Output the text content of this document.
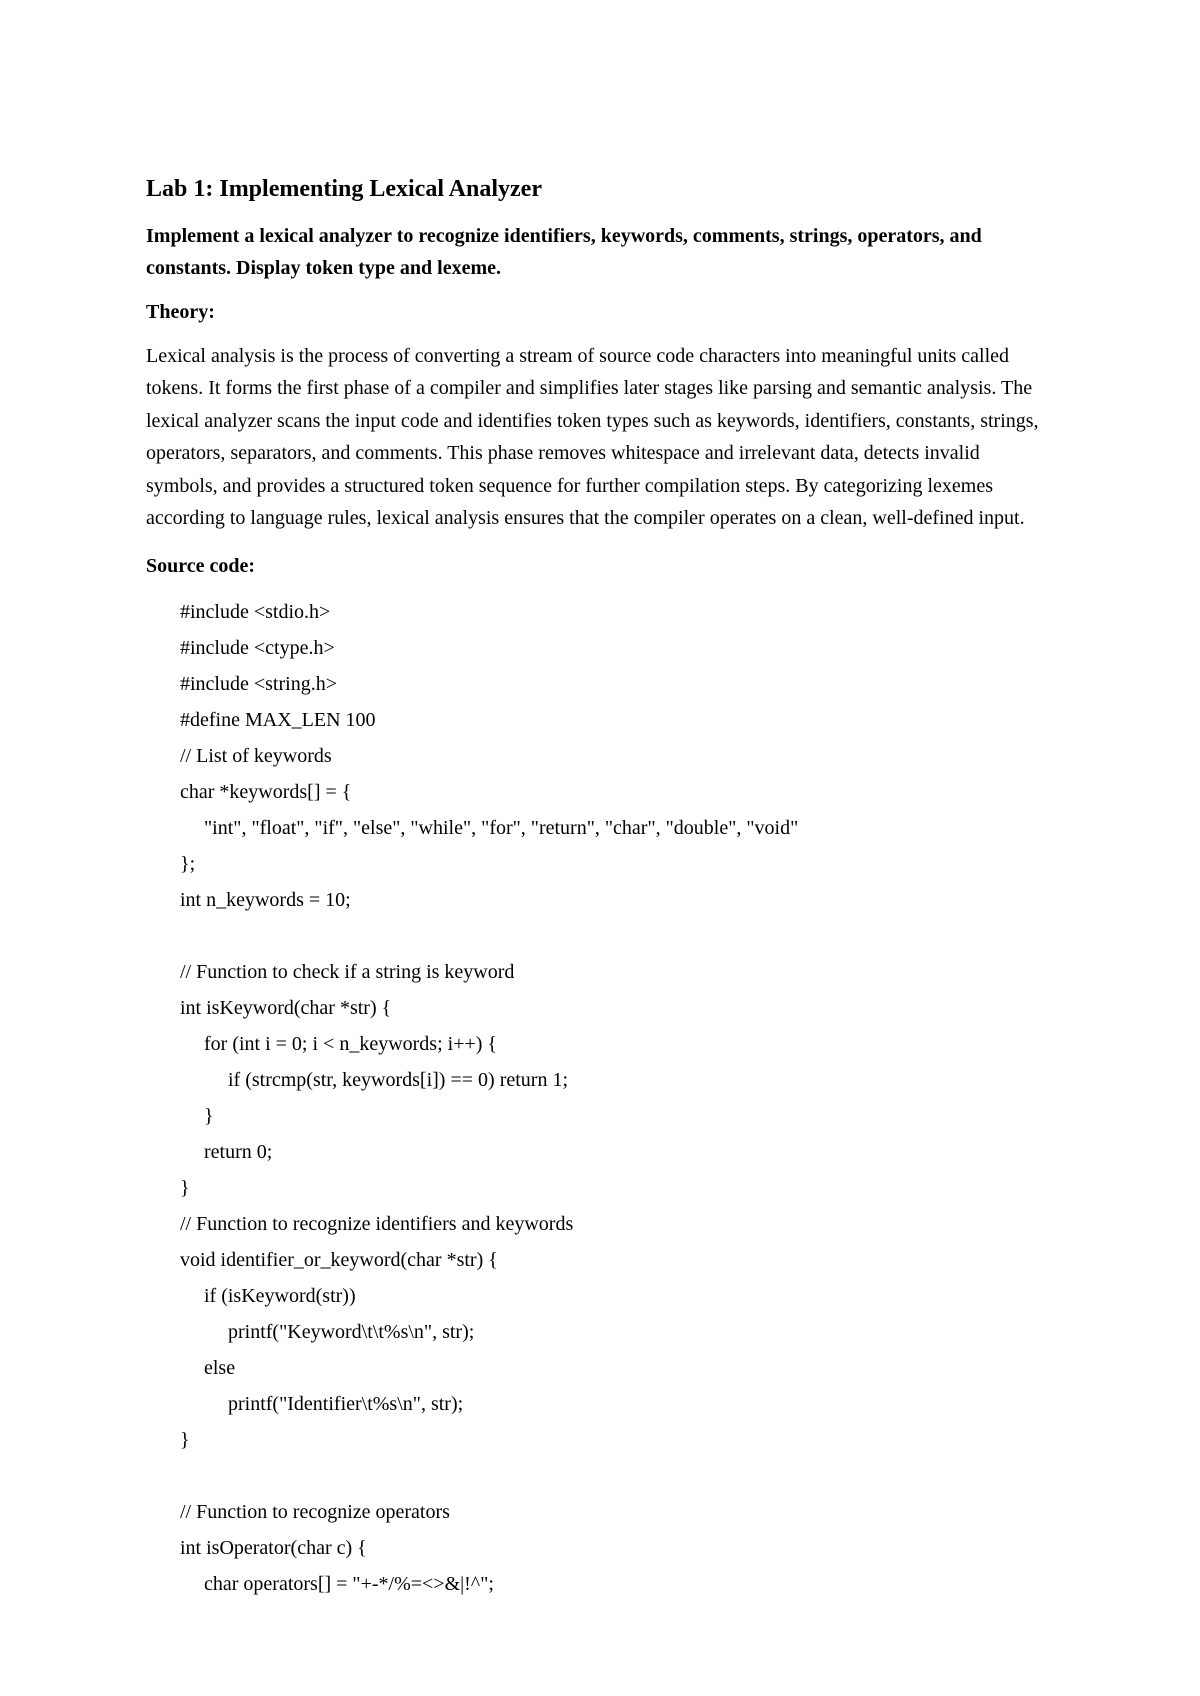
Lab 1: Implementing Lexical Analyzer

Implement a lexical analyzer to recognize identifiers, keywords, comments, strings, operators, and constants. Display token type and lexeme.

Theory:

Lexical analysis is the process of converting a stream of source code characters into meaningful units called tokens. It forms the first phase of a compiler and simplifies later stages like parsing and semantic analysis. The lexical analyzer scans the input code and identifies token types such as keywords, identifiers, constants, strings, operators, separators, and comments. This phase removes whitespace and irrelevant data, detects invalid symbols, and provides a structured token sequence for further compilation steps. By categorizing lexemes according to language rules, lexical analysis ensures that the compiler operates on a clean, well-defined input.

Source code:
#include <stdio.h>
#include <ctype.h>
#include <string.h>
#define MAX_LEN 100
// List of keywords
char *keywords[] = {
"int", "float", "if", "else", "while", "for", "return", "char", "double", "void"
};
int n_keywords = 10;
// Function to check if a string is keyword
int isKeyword(char *str) {
for (int i = 0; i < n_keywords; i++) {
if (strcmp(str, keywords[i]) == 0) return 1;
}
return 0;
}
// Function to recognize identifiers and keywords
void identifier_or_keyword(char *str) {
if (isKeyword(str))
printf("Keyword\t\t%s\n", str);
else
printf("Identifier\t%s\n", str);
}
// Function to recognize operators
int isOperator(char c) {
char operators[] = "+-*/%=<>&|!^";
